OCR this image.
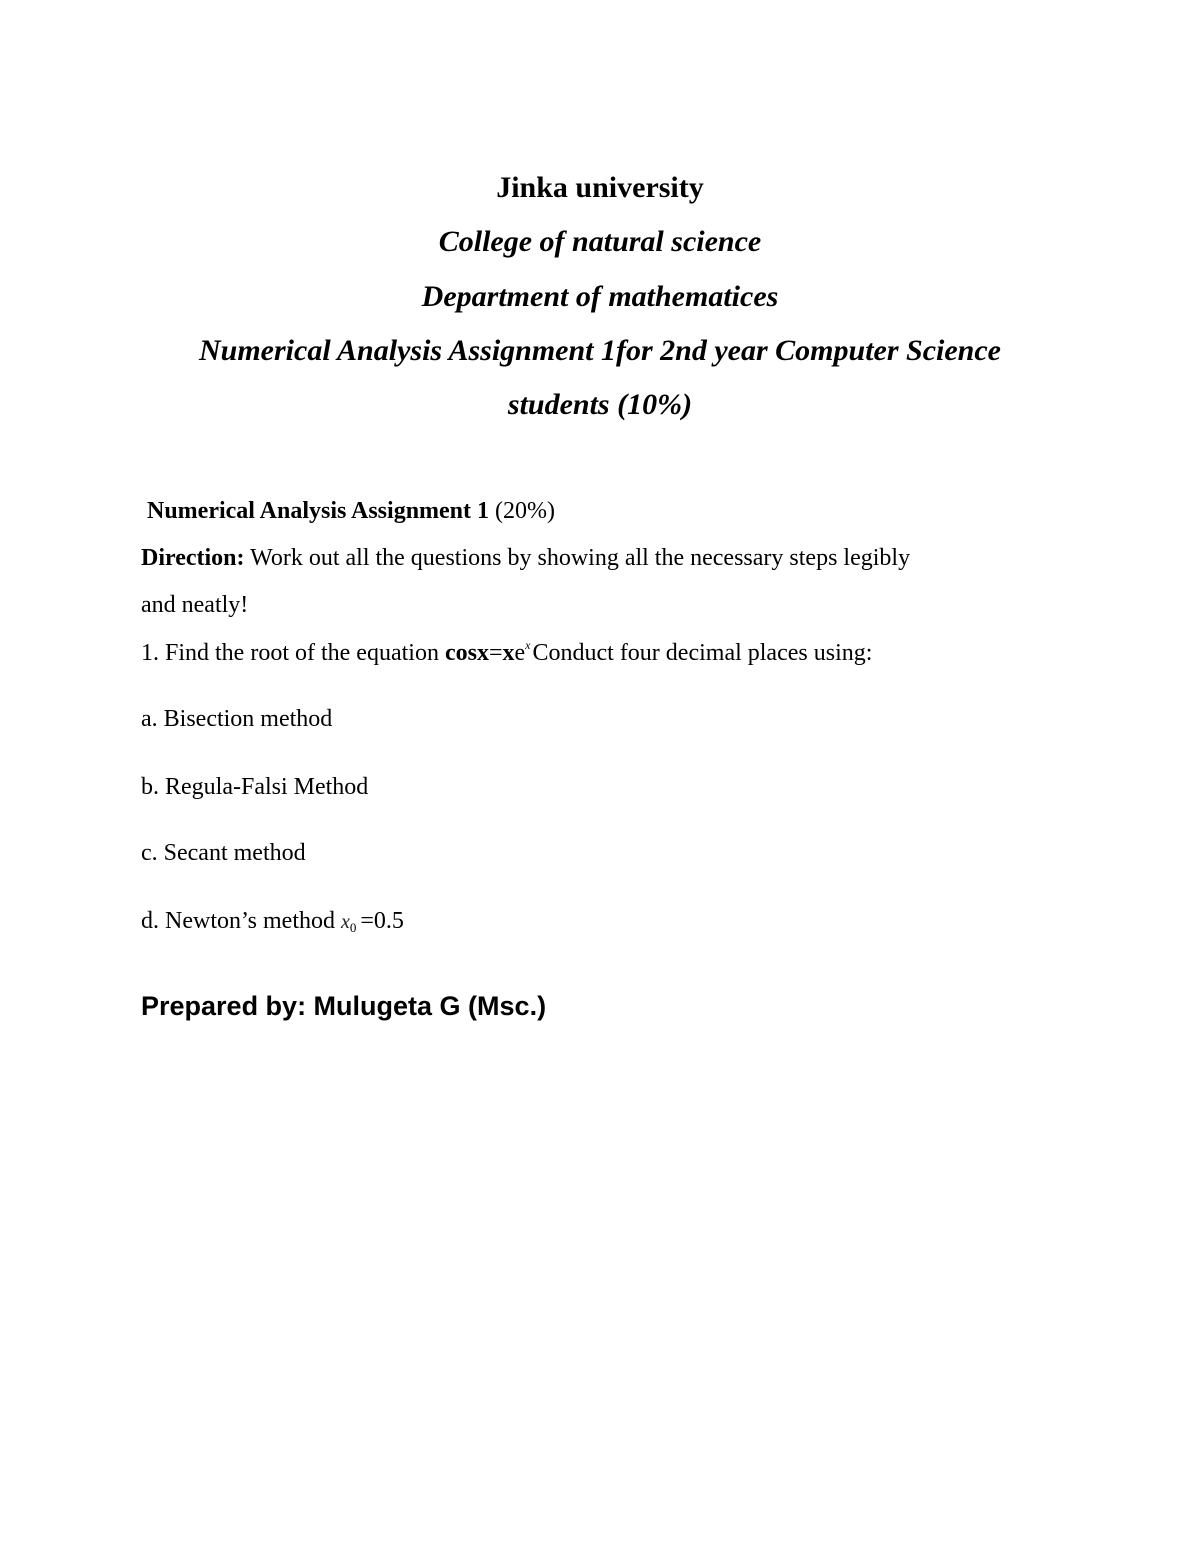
Jinka university
College of natural science
Department of mathematices
Numerical Analysis Assignment 1for 2nd year Computer Science
students (10%)
Numerical Analysis Assignment 1 (20%)
Direction: Work out all the questions by showing all the necessary steps legibly
and neatly!
1. Find the root of the equation $\cos x=xe^xConduct$ four decimal places using:
a. Bisection method
b. Regula-Falsi Method
c. Secant method
d. Newton’s method x0 =0.5
Prepared by: Mulugeta G (Msc.)
